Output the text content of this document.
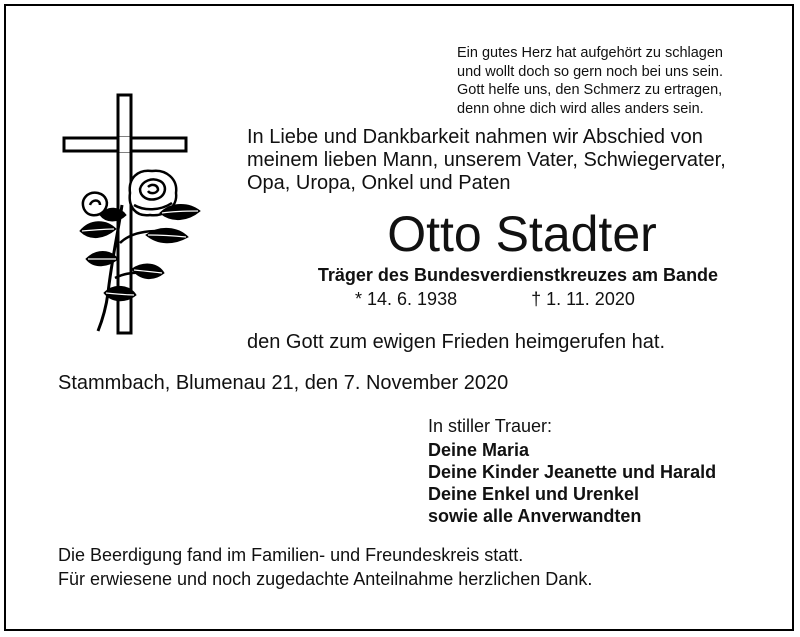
Ein gutes Herz hat aufgehört zu schlagen
und wollt doch so gern noch bei uns sein.
Gott helfe uns, den Schmerz zu ertragen,
denn ohne dich wird alles anders sein.
In Liebe und Dankbarkeit nahmen wir Abschied von
meinem lieben Mann, unserem Vater, Schwiegervater,
Opa, Uropa, Onkel und Paten
Otto Stadter
Träger des Bundesverdienstkreuzes am Bande
* 14. 6. 1938	† 1. 11. 2020
den Gott zum ewigen Frieden heimgerufen hat.
Stammbach, Blumenau 21, den 7. November 2020
In stiller Trauer:
Deine Maria
Deine Kinder Jeanette und Harald
Deine Enkel und Urenkel
sowie alle Anverwandten
Die Beerdigung fand im Familien- und Freundeskreis statt.
Für erwiesene und noch zugedachte Anteilnahme herzlichen Dank.
